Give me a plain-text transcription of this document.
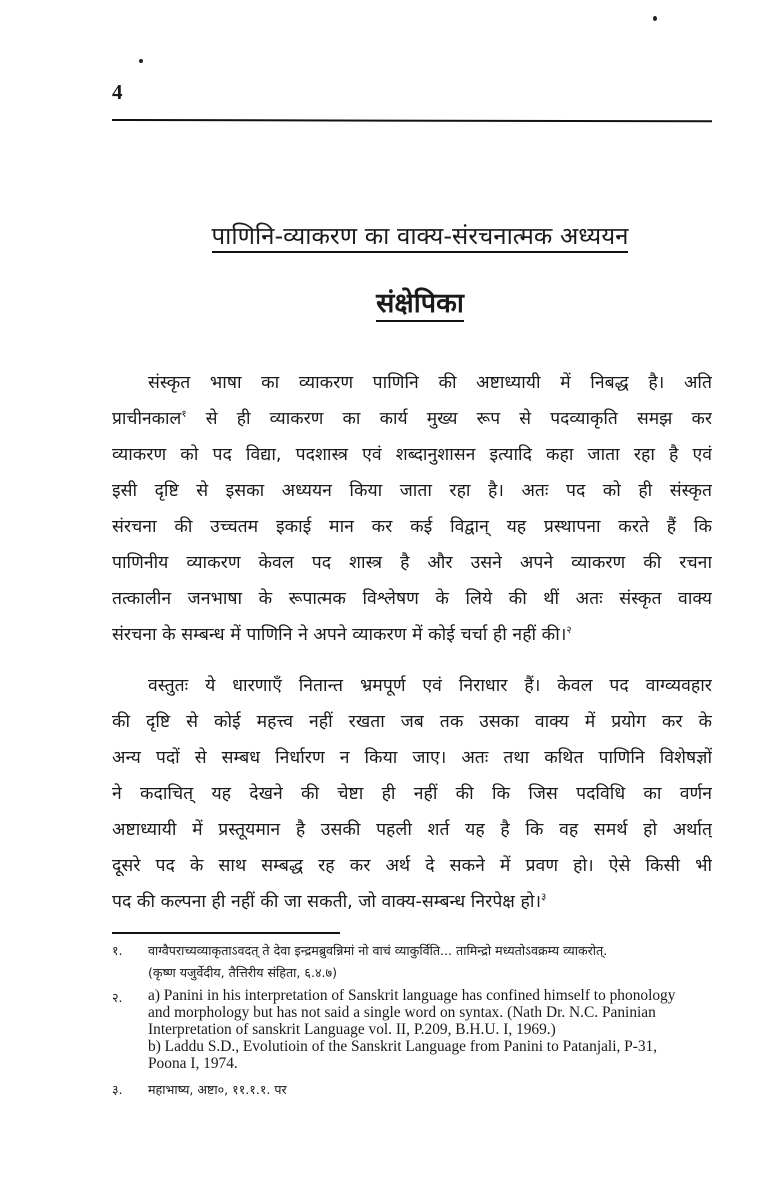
4
पाणिनि-व्याकरण का वाक्य-संरचनात्मक अध्ययन
संक्षेपिका
संस्कृत भाषा का व्याकरण पाणिनि की अष्टाध्यायी में निबद्ध है। अति
प्राचीनकाल$^१$ से ही व्याकरण का कार्य मुख्य रूप से पदव्याकृति समझ कर
व्याकरण को पद विद्या, पदशास्त्र एवं शब्दानुशासन इत्यादि कहा जाता रहा है एवं
इसी दृष्टि से इसका अध्ययन किया जाता रहा है। अतः पद को ही संस्कृत
संरचना की उच्चतम इकाई मान कर कई विद्वान् यह प्रस्थापना करते हैं कि
पाणिनीय व्याकरण केवल पद शास्त्र है और उसने अपने व्याकरण की रचना
तत्कालीन जनभाषा के रूपात्मक विश्लेषण के लिये की थीं अतः संस्कृत वाक्य
संरचना के सम्बन्ध में पाणिनि ने अपने व्याकरण में कोई चर्चा ही नहीं की।$^२$
वस्तुतः ये धारणाएँ नितान्त भ्रमपूर्ण एवं निराधार हैं। केवल पद वाग्व्यवहार
की दृष्टि से कोई महत्त्व नहीं रखता जब तक उसका वाक्य में प्रयोग कर के
अन्य पदों से सम्बध निर्धारण न किया जाए। अतः तथा कथित पाणिनि विशेषज्ञों
ने कदाचित् यह देखने की चेष्टा ही नहीं की कि जिस पदविधि का वर्णन
अष्टाध्यायी में प्रस्तूयमान है उसकी पहली शर्त यह है कि वह समर्थ हो अर्थात्
दूसरे पद के साथ सम्बद्ध रह कर अर्थ दे सकने में प्रवण हो। ऐसे किसी भी
पद की कल्पना ही नहीं की जा सकती, जो वाक्य-सम्बन्ध निरपेक्ष हो।$^३$
१. वाग्वैपराच्यव्याकृताऽवदत् ते देवा इन्द्रमब्रुवन्निमां नो वाचं व्याकुर्विति... तामिन्द्रो मध्यतोऽवक्रम्य व्याकरोत्.
(कृष्ण यजुर्वेदीय, तैत्तिरीय संहिता, ६.४.७)
२. a) Panini in his interpretation of Sanskrit language has confined himself to phonology
and morphology but has not said a single word on syntax. (Nath Dr. N.C. Paninian
Interpretation of sanskrit Language vol. II, P.209, B.H.U. I, 1969.)
b) Laddu S.D., Evolutioin of the Sanskrit Language from Panini to Patanjali, P-31,
Poona I, 1974.
३. महाभाष्य, अष्टा०, ११.१.१. पर
